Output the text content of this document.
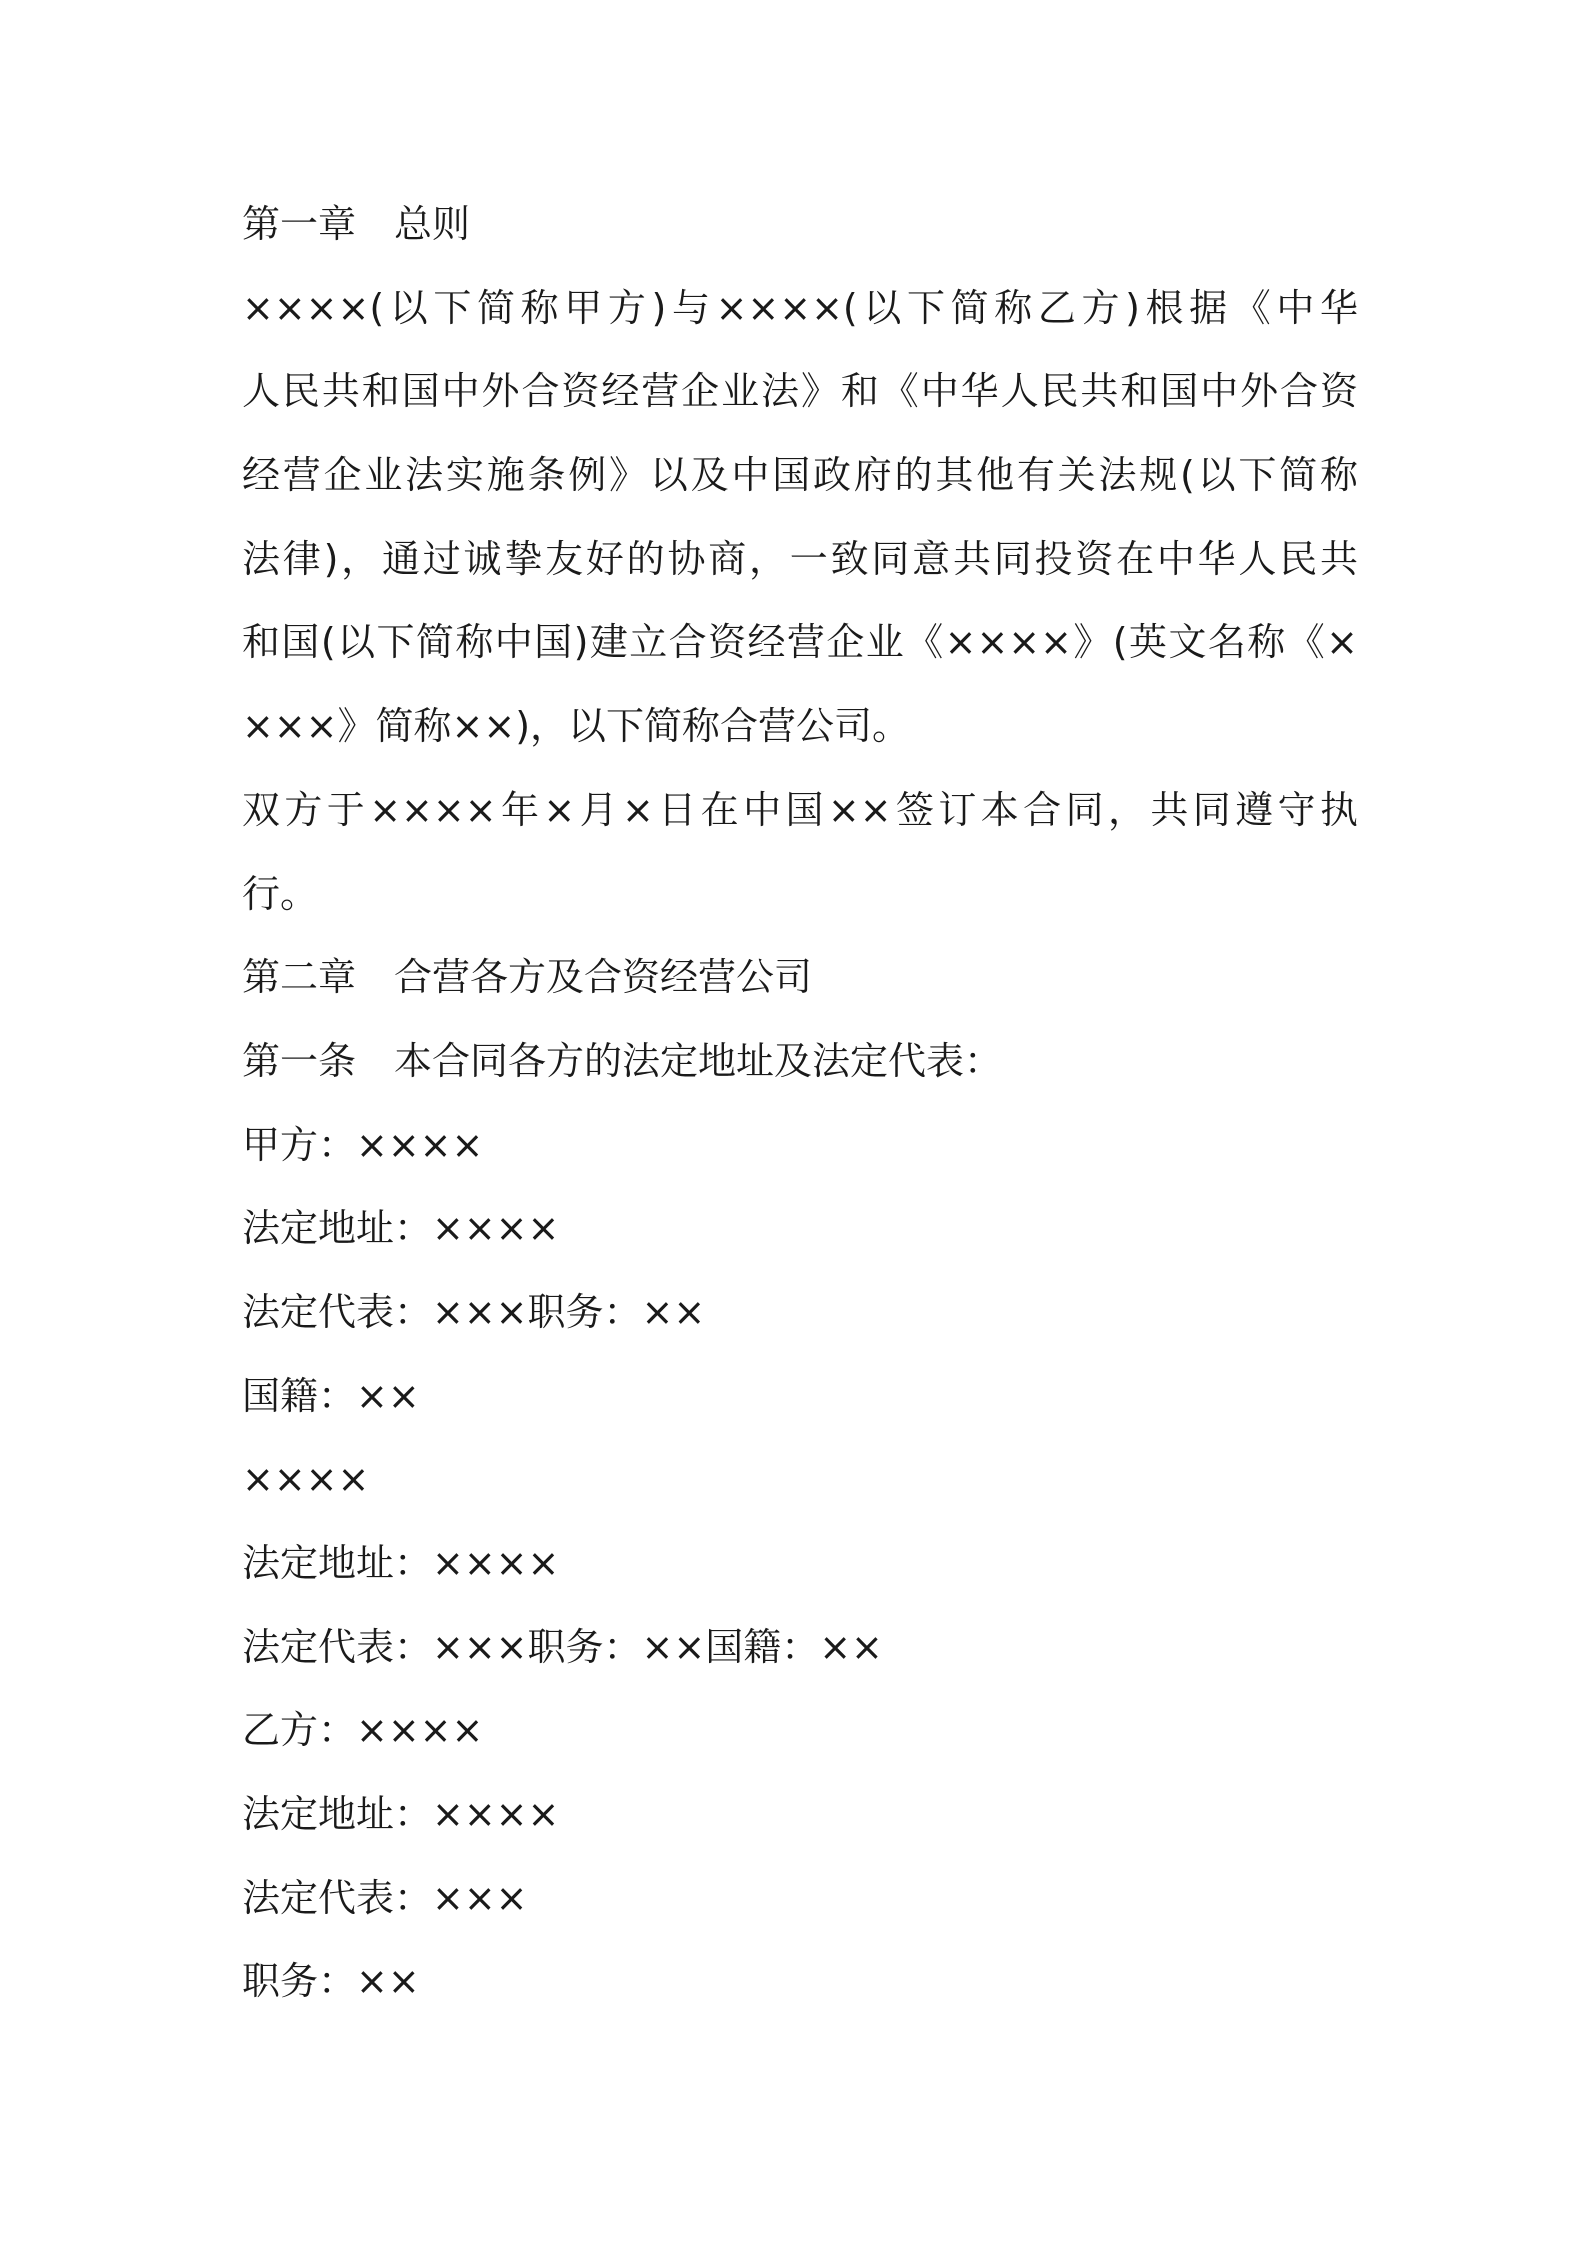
第一章　总则
××××(以下简称甲方)与××××(以下简称乙方)根据《中华
人民共和国中外合资经营企业法》和《中华人民共和国中外合资
经营企业法实施条例》以及中国政府的其他有关法规(以下简称
法律)，通过诚挚友好的协商，一致同意共同投资在中华人民共
和国(以下简称中国)建立合资经营企业《××××》(英文名称《×
×××》简称××)，以下简称合营公司。
双方于××××年×月×日在中国××签订本合同，共同遵守执
行。
第二章　合营各方及合资经营公司
第一条　本合同各方的法定地址及法定代表：
甲方：××××
法定地址：××××
法定代表：×××职务：××
国籍：××
××××
法定地址：××××
法定代表：×××职务：××国籍：××
乙方：××××
法定地址：××××
法定代表：×××
职务：××
